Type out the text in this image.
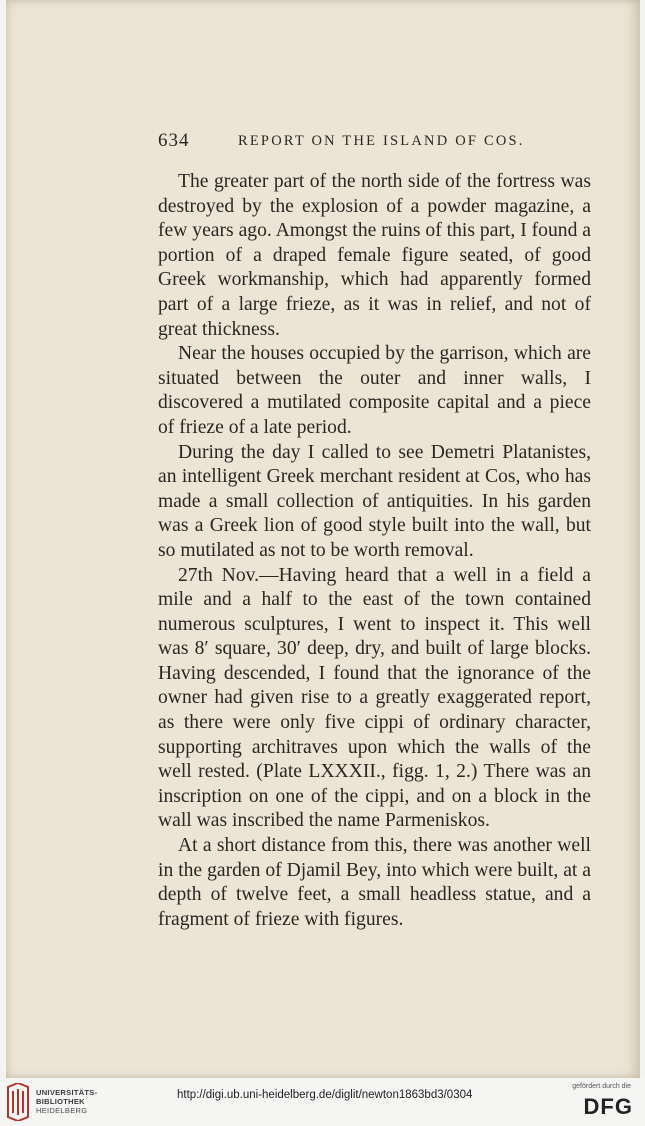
634	REPORT ON THE ISLAND OF COS.

The greater part of the north side of the fortress was destroyed by the explosion of a powder magazine, a few years ago. Amongst the ruins of this part, I found a portion of a draped female figure seated, of good Greek workmanship, which had apparently formed part of a large frieze, as it was in relief, and not of great thickness.

Near the houses occupied by the garrison, which are situated between the outer and inner walls, I discovered a mutilated composite capital and a piece of frieze of a late period.

During the day I called to see Demetri Platanistes, an intelligent Greek merchant resident at Cos, who has made a small collection of antiquities. In his garden was a Greek lion of good style built into the wall, but so mutilated as not to be worth removal.

27th Nov.—Having heard that a well in a field a mile and a half to the east of the town contained numerous sculptures, I went to inspect it. This well was 8′ square, 30′ deep, dry, and built of large blocks. Having descended, I found that the ignorance of the owner had given rise to a greatly exaggerated report, as there were only five cippi of ordinary character, supporting architraves upon which the walls of the well rested. (Plate LXXXII., figg. 1, 2.) There was an inscription on one of the cippi, and on a block in the wall was inscribed the name Parmeniskos.

At a short distance from this, there was another well in the garden of Djamil Bey, into which were built, at a depth of twelve feet, a small headless statue, and a fragment of frieze with figures.

UNIVERSITÄTS-
BIBLIOTHEK
HEIDELBERG
http://digi.ub.uni-heidelberg.de/diglit/newton1863bd3/0304
gefördert durch die
DFG
